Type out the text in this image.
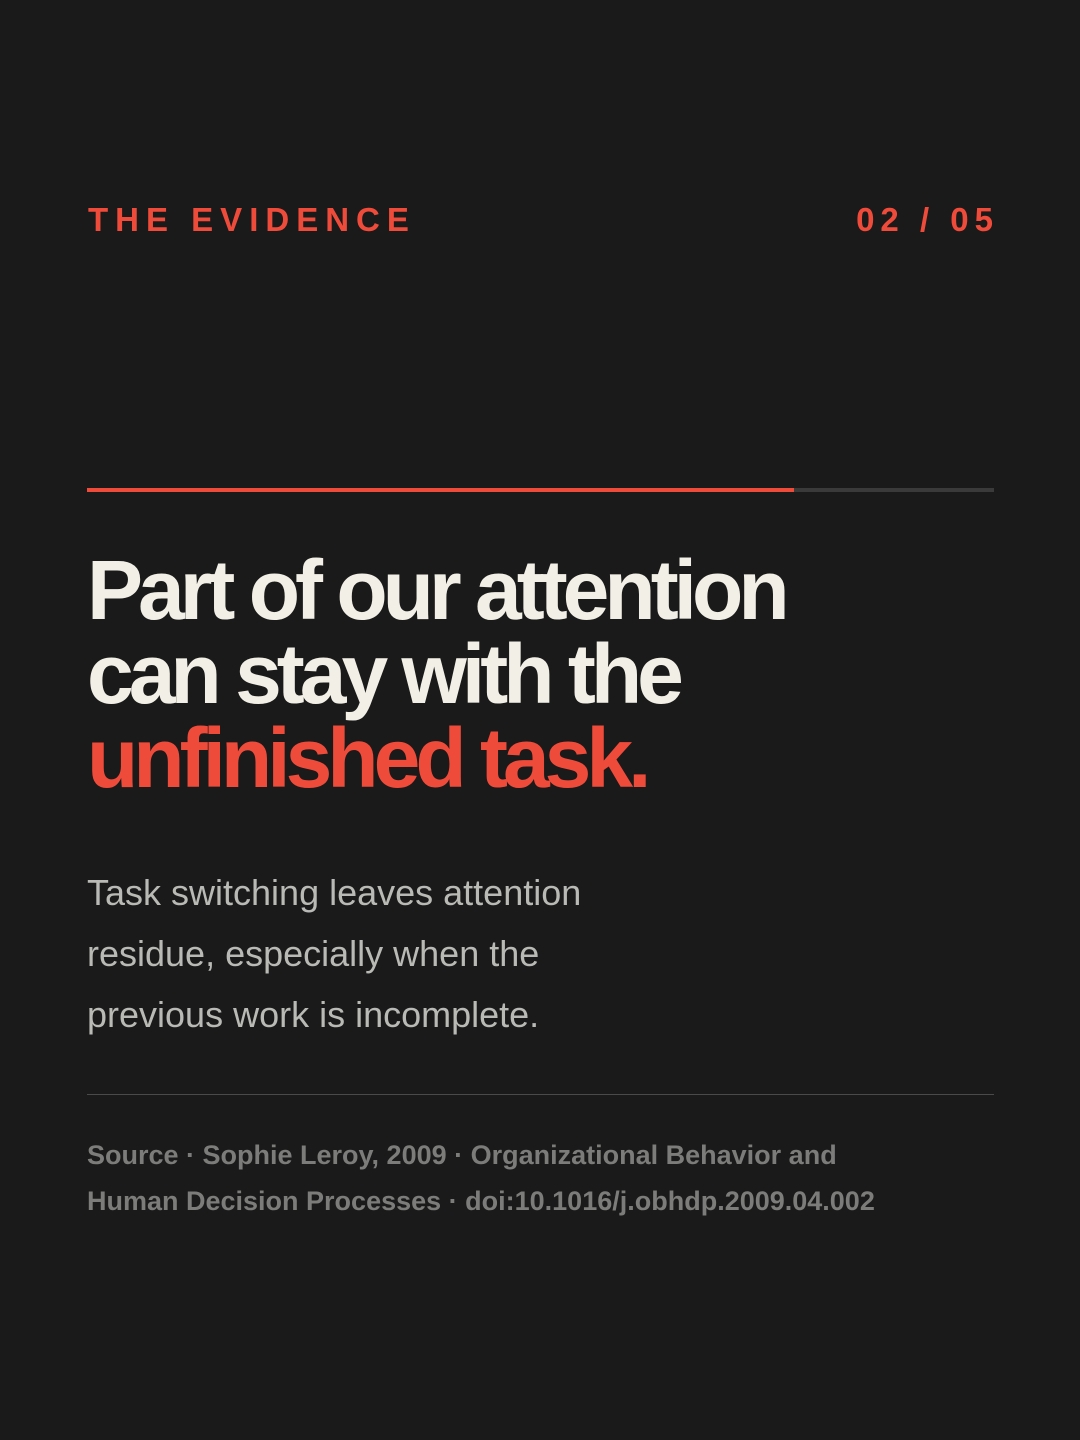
THE EVIDENCE	02 / 05
Part of our attention
can stay with the
unfinished task.

Task switching leaves attention
residue, especially when the
previous work is incomplete.

Source · Sophie Leroy, 2009 · Organizational Behavior and
Human Decision Processes · doi:10.1016/j.obhdp.2009.04.002
